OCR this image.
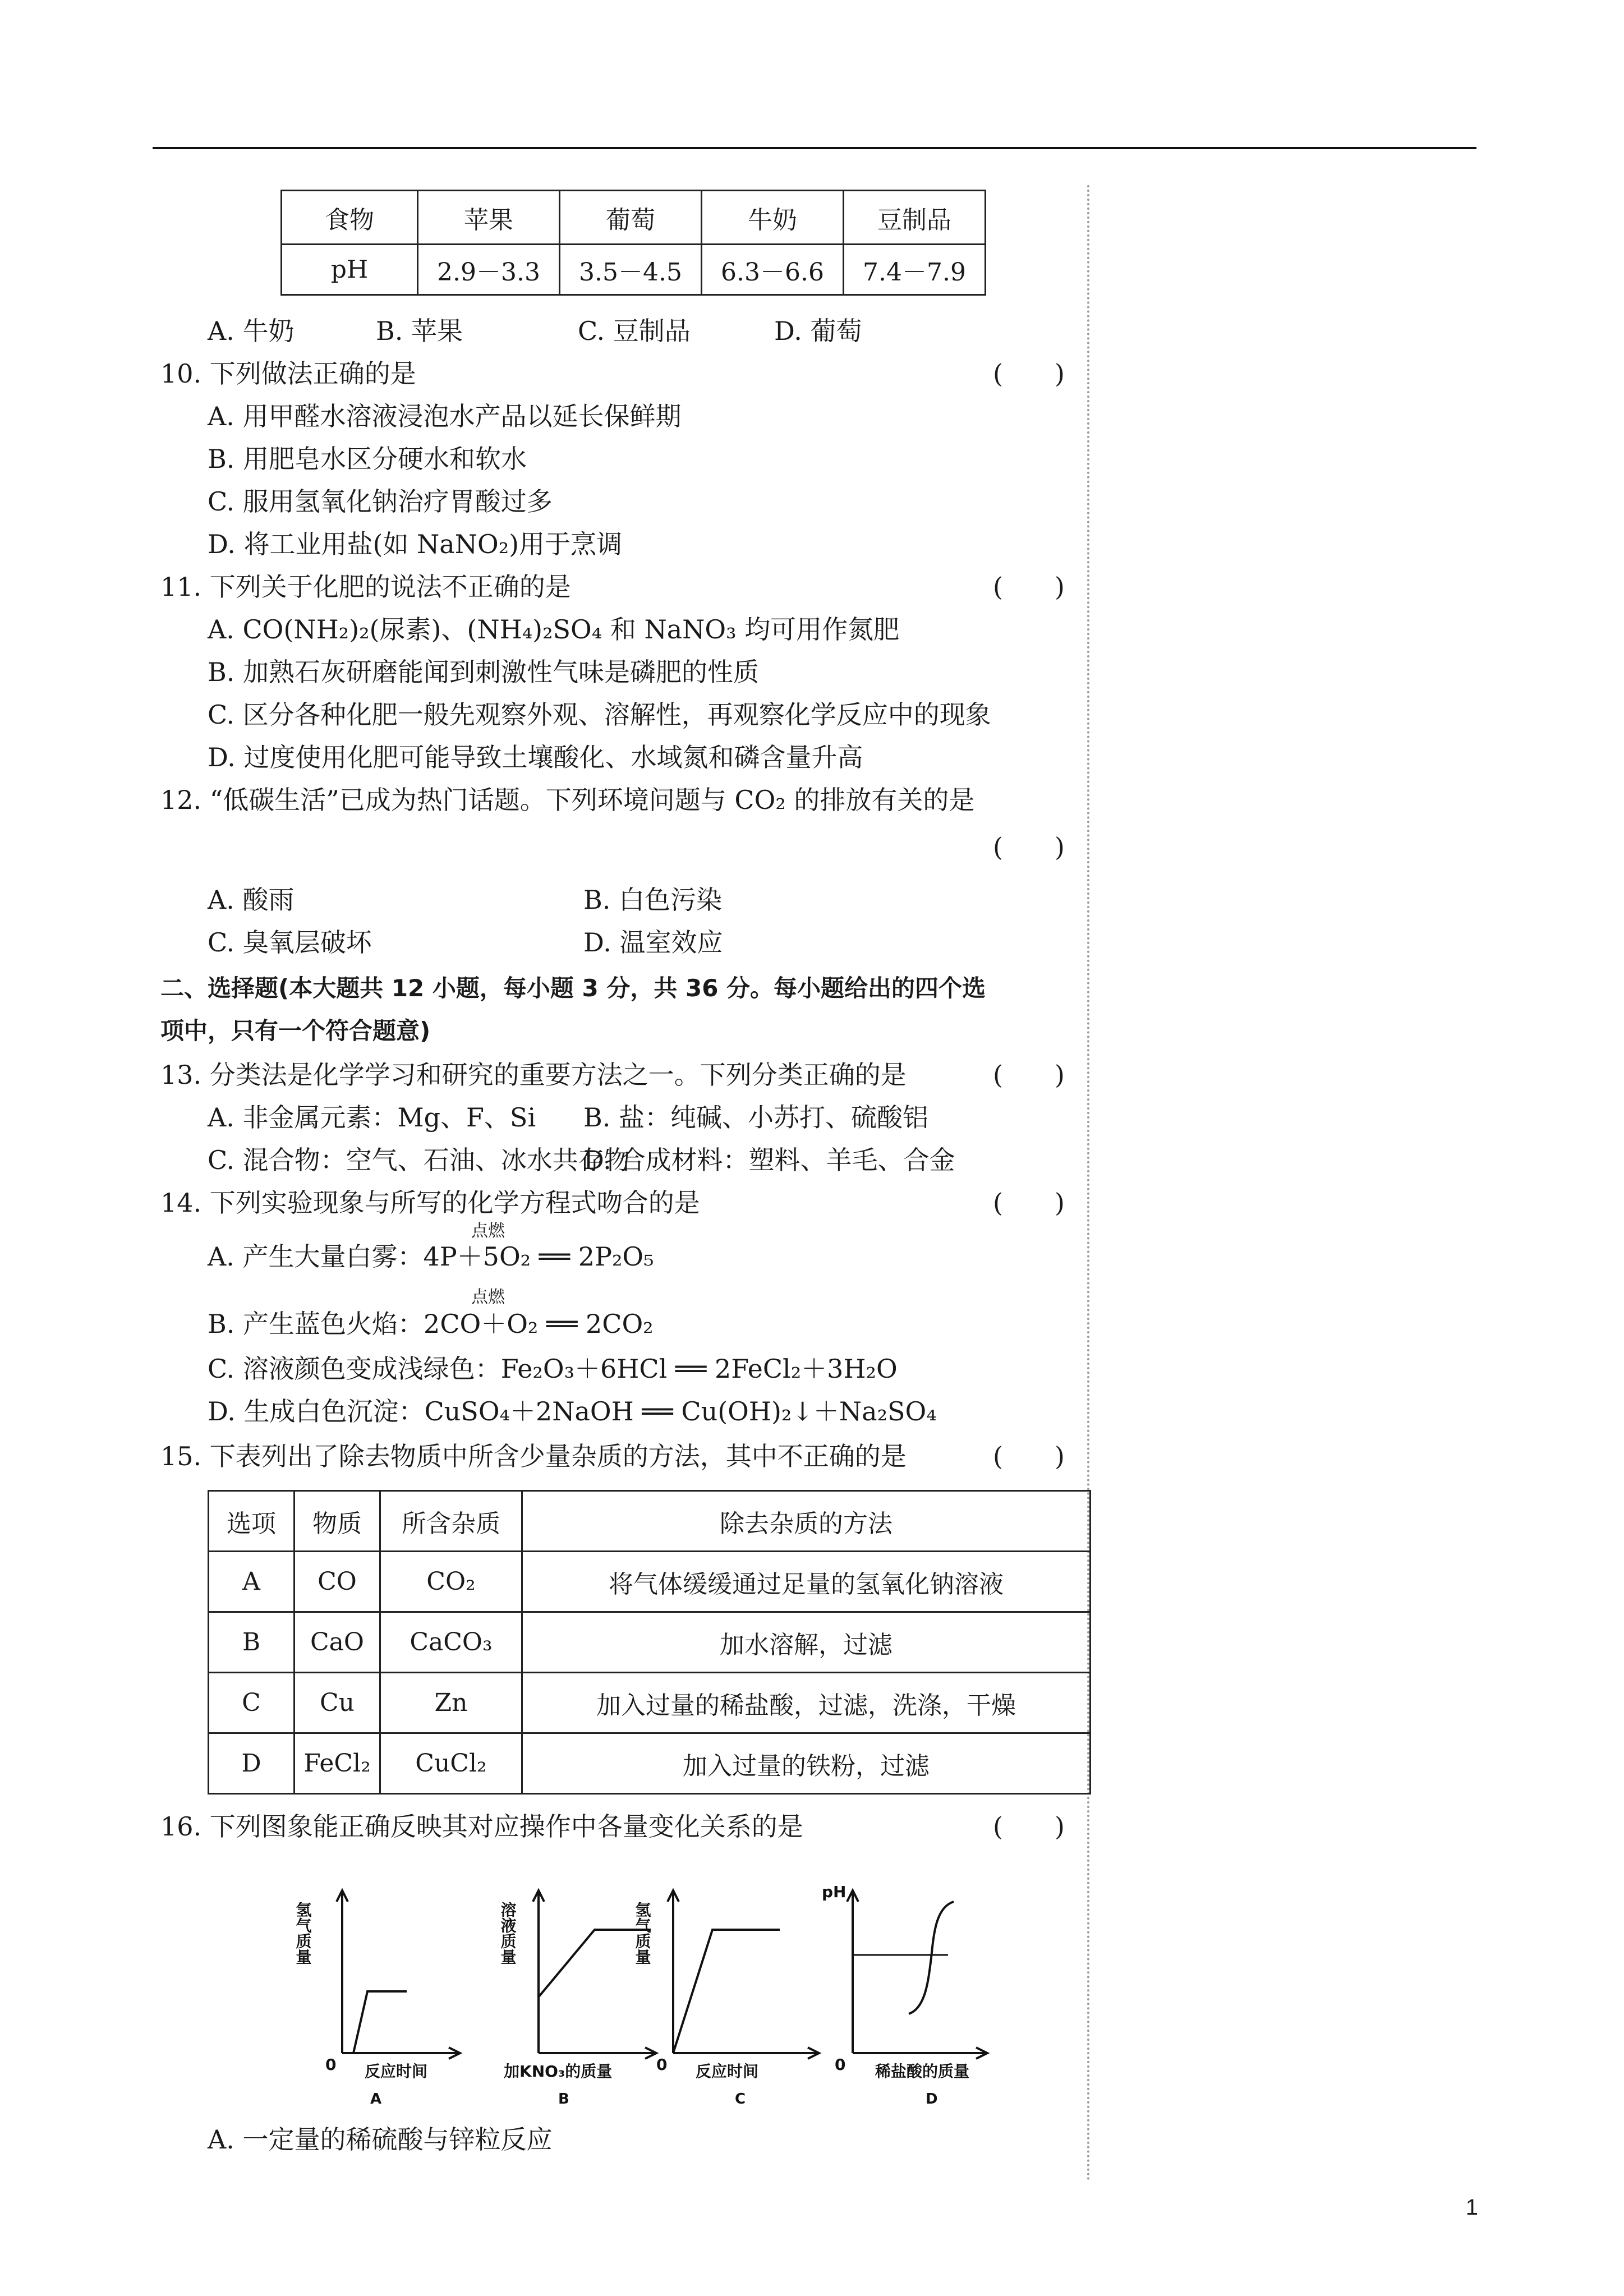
食物	苹果	葡萄	牛奶	豆制品
pH	2.9－3.3	3.5－4.5	6.3－6.6	7.4－7.9
A. 牛奶	B. 苹果	C. 豆制品	D. 葡萄
10. 下列做法正确的是	(　　)
A. 用甲醛水溶液浸泡水产品以延长保鲜期
B. 用肥皂水区分硬水和软水
C. 服用氢氧化钠治疗胃酸过多
D. 将工业用盐(如 NaNO₂)用于烹调
11. 下列关于化肥的说法不正确的是	(　　)
A. CO(NH₂)₂(尿素)、(NH₄)₂SO₄ 和 NaNO₃ 均可用作氮肥
B. 加熟石灰研磨能闻到刺激性气味是磷肥的性质
C. 区分各种化肥一般先观察外观、溶解性，再观察化学反应中的现象
D. 过度使用化肥可能导致土壤酸化、水域氮和磷含量升高
12. “低碳生活”已成为热门话题。下列环境问题与 CO₂ 的排放有关的是
(　　)
A. 酸雨	B. 白色污染
C. 臭氧层破坏	D. 温室效应
二、选择题(本大题共 12 小题，每小题 3 分，共 36 分。每小题给出的四个选
项中，只有一个符合题意)
13. 分类法是化学学习和研究的重要方法之一。下列分类正确的是	(　　)
A. 非金属元素：Mg、F、Si B. 盐：纯碱、小苏打、硫酸铝
C. 混合物：空气、石油、冰水共存物
D. 合成材料：塑料、羊毛、合金
14. 下列实验现象与所写的化学方程式吻合的是	(　　)
点燃
A. 产生大量白雾：4P＋5O₂ ══ 2P₂O₅
点燃
B. 产生蓝色火焰：2CO＋O₂ ══ 2CO₂
C. 溶液颜色变成浅绿色：Fe₂O₃＋6HCl ══ 2FeCl₂＋3H₂O
D. 生成白色沉淀：CuSO₄＋2NaOH ══ Cu(OH)₂↓＋Na₂SO₄
15. 下表列出了除去物质中所含少量杂质的方法，其中不正确的是	(　　)
选项	物质	所含杂质	除去杂质的方法
A	CO	CO₂	将气体缓缓通过足量的氢氧化钠溶液
B	CaO	CaCO₃	加水溶解，过滤
C	Cu	Zn	加入过量的稀盐酸，过滤，洗涤，干燥
D	FeCl₂	CuCl₂	加入过量的铁粉，过滤
16. 下列图象能正确反映其对应操作中各量变化关系的是	(　　)
氢气质量	溶液质量	氢气质量
pH
0	0	0
反应时间	加KNO₃的质量	反应时间	稀盐酸的质量
A	B	C	D
A. 一定量的稀硫酸与锌粒反应
1
